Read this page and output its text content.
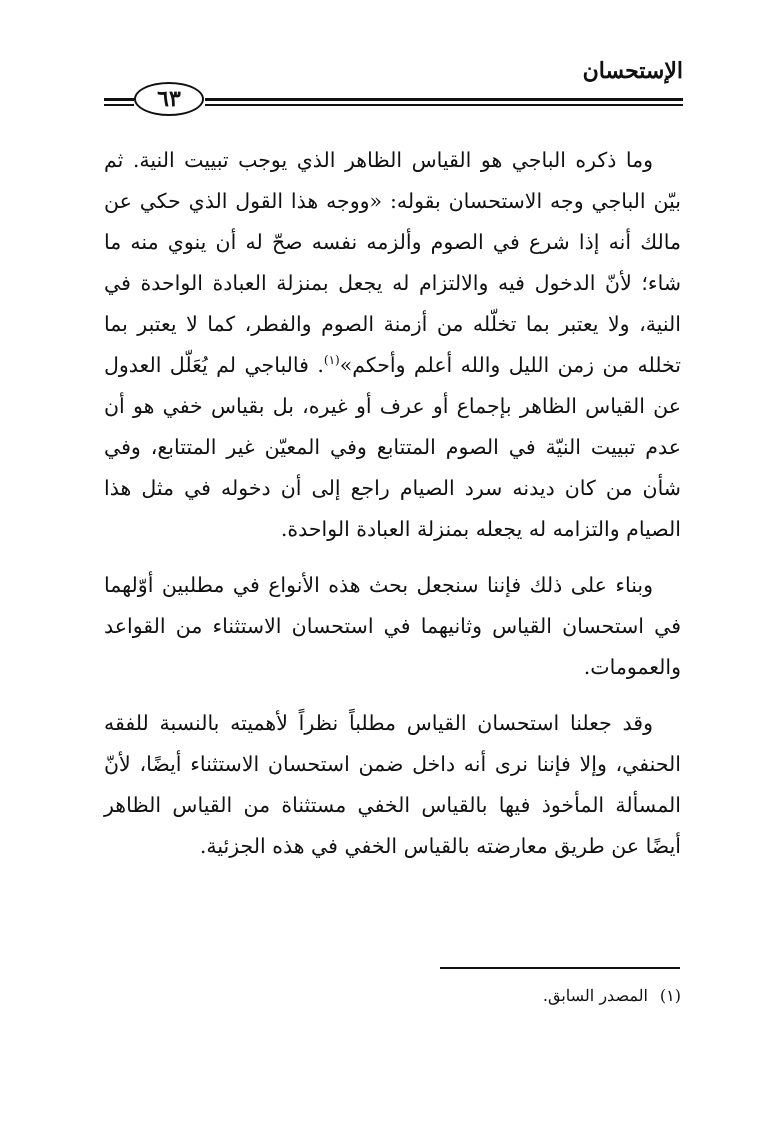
الإستحسان
٦٣

وما ذكره الباجي هو القياس الظاهر الذي يوجب تبييت النية. ثم بيّن الباجي وجه الاستحسان بقوله: «ووجه هذا القول الذي حكي عن مالك أنه إذا شرع في الصوم وألزمه نفسه صحّ له أن ينوي منه ما شاء؛ لأنّ الدخول فيه والالتزام له يجعل بمنزلة العبادة الواحدة في النية، ولا يعتبر بما تخلّله من أزمنة الصوم والفطر، كما لا يعتبر بما تخلله من زمن الليل والله أعلم وأحكم»$^{(١)}$. فالباجي لم يُعَلّل العدول عن القياس الظاهر بإجماع أو عرف أو غيره، بل بقياس خفي هو أن عدم تبييت النيّة في الصوم المتتابع وفي المعيّن غير المتتابع، وفي شأن من كان ديدنه سرد الصيام راجع إلى أن دخوله في مثل هذا الصيام والتزامه له يجعله بمنزلة العبادة الواحدة.

وبناء على ذلك فإننا سنجعل بحث هذه الأنواع في مطلبين أوّلهما في استحسان القياس وثانيهما في استحسان الاستثناء من القواعد والعمومات.

وقد جعلنا استحسان القياس مطلباً نظراً لأهميته بالنسبة للفقه الحنفي، وإلا فإننا نرى أنه داخل ضمن استحسان الاستثناء أيضًا، لأنّ المسألة المأخوذ فيها بالقياس الخفي مستثناة من القياس الظاهر أيضًا عن طريق معارضته بالقياس الخفي في هذه الجزئية.

(١)المصدر السابق.
